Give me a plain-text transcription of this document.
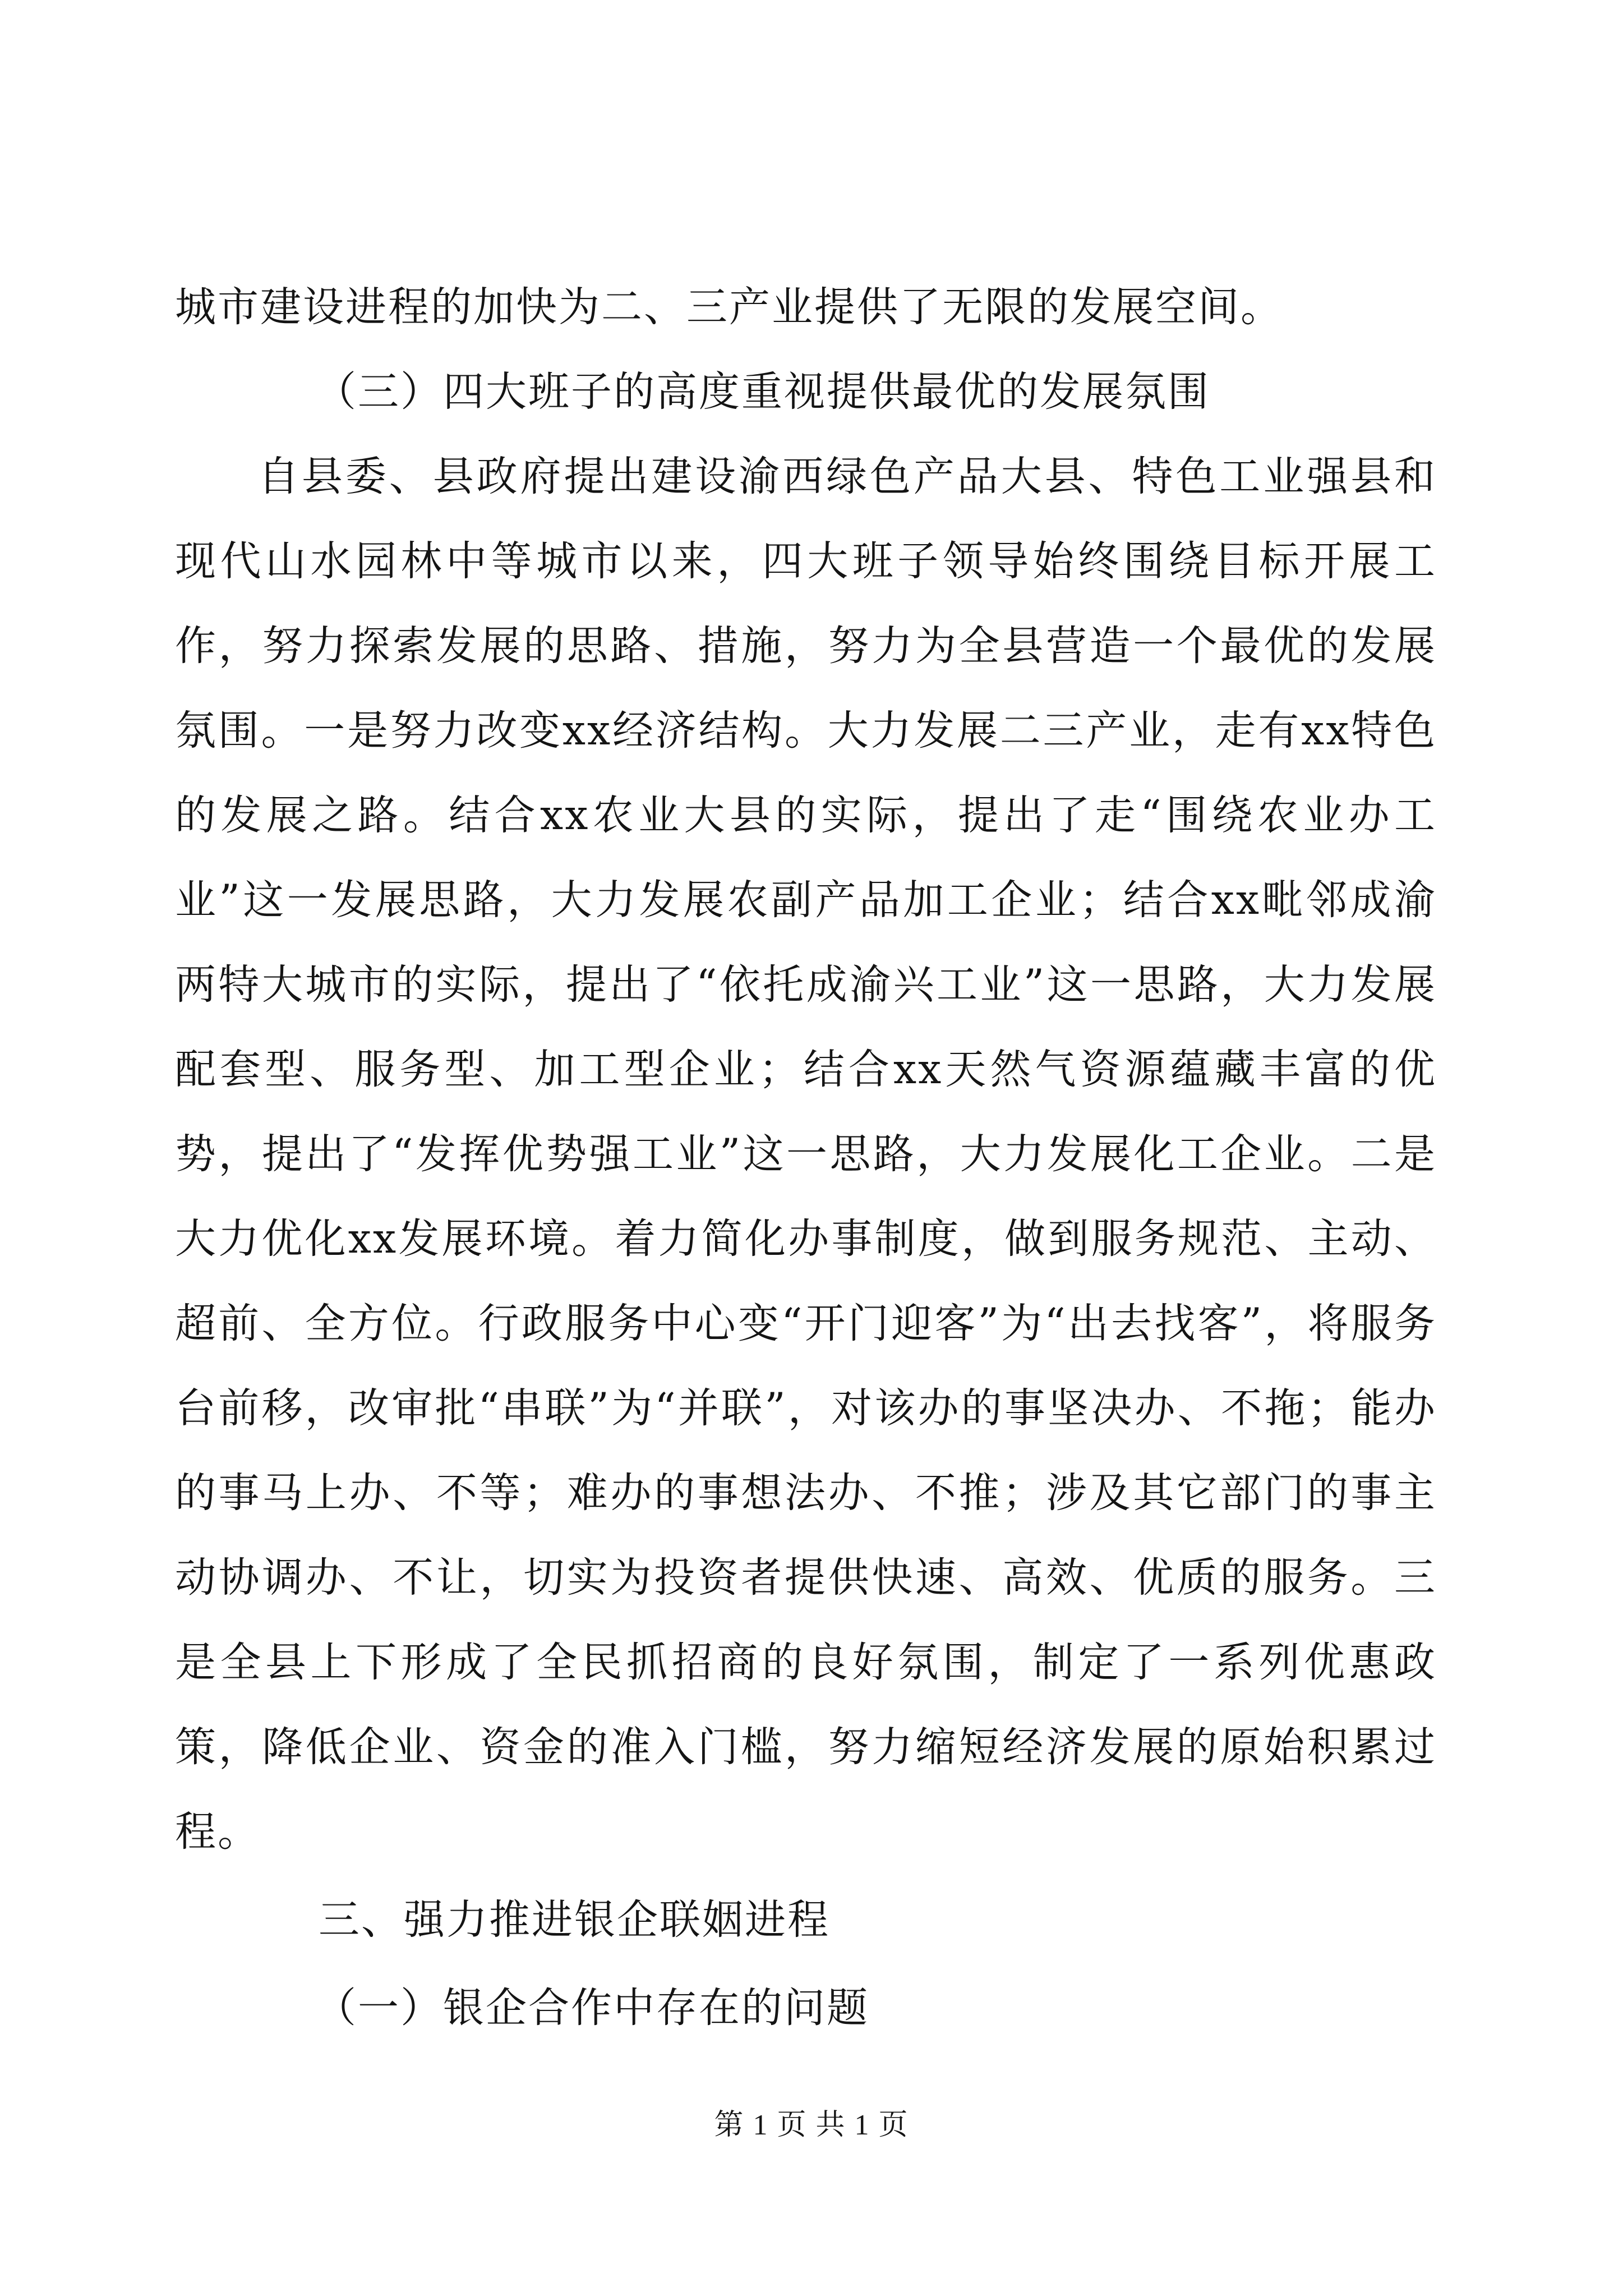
城市建设进程的加快为二、三产业提供了无限的发展空间。

（三）四大班子的高度重视提供最优的发展氛围

自县委、县政府提出建设渝西绿色产品大县、特色工业强县和现代山水园林中等城市以来，四大班子领导始终围绕目标开展工作，努力探索发展的思路、措施，努力为全县营造一个最优的发展氛围。一是努力改变xx经济结构。大力发展二三产业，走有xx特色的发展之路。结合xx农业大县的实际，提出了走“围绕农业办工业”这一发展思路，大力发展农副产品加工企业；结合xx毗邻成渝两特大城市的实际，提出了“依托成渝兴工业”这一思路，大力发展配套型、服务型、加工型企业；结合xx天然气资源蕴藏丰富的优势，提出了“发挥优势强工业”这一思路，大力发展化工企业。二是大力优化xx发展环境。着力简化办事制度，做到服务规范、主动、超前、全方位。行政服务中心变“开门迎客”为“出去找客”，将服务台前移，改审批“串联”为“并联”，对该办的事坚决办、不拖；能办的事马上办、不等；难办的事想法办、不推；涉及其它部门的事主动协调办、不让，切实为投资者提供快速、高效、优质的服务。三是全县上下形成了全民抓招商的良好氛围，制定了一系列优惠政策，降低企业、资金的准入门槛，努力缩短经济发展的原始积累过程。

三、强力推进银企联姻进程

（一）银企合作中存在的问题

第 1 页 共 1 页
